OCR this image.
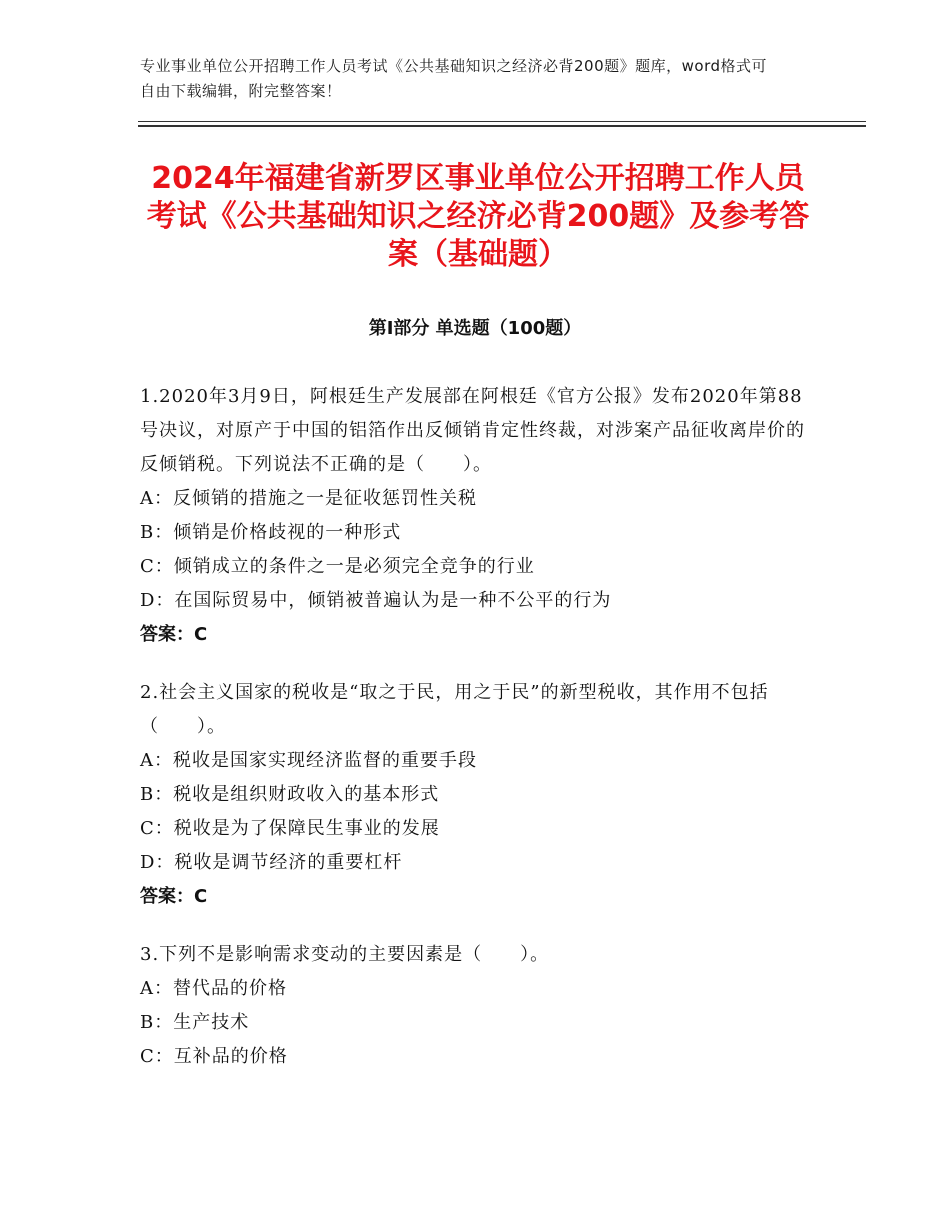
专业事业单位公开招聘工作人员考试《公共基础知识之经济必背200题》题库，word格式可自由下载编辑，附完整答案！
2024年福建省新罗区事业单位公开招聘工作人员考试《公共基础知识之经济必背200题》及参考答案（基础题）
第Ⅰ部分 单选题（100题）

1.2020年3月9日，阿根廷生产发展部在阿根廷《官方公报》发布2020年第88号决议，对原产于中国的铝箔作出反倾销肯定性终裁，对涉案产品征收离岸价的反倾销税。下列说法不正确的是（　　）。

A：反倾销的措施之一是征收惩罚性关税

B：倾销是价格歧视的一种形式

C：倾销成立的条件之一是必须完全竞争的行业

D：在国际贸易中，倾销被普遍认为是一种不公平的行为

答案：C

2.社会主义国家的税收是“取之于民，用之于民”的新型税收，其作用不包括（　　）。

A：税收是国家实现经济监督的重要手段

B：税收是组织财政收入的基本形式

C：税收是为了保障民生事业的发展

D：税收是调节经济的重要杠杆

答案：C

3.下列不是影响需求变动的主要因素是（　　）。

A：替代品的价格

B：生产技术

C：互补品的价格
